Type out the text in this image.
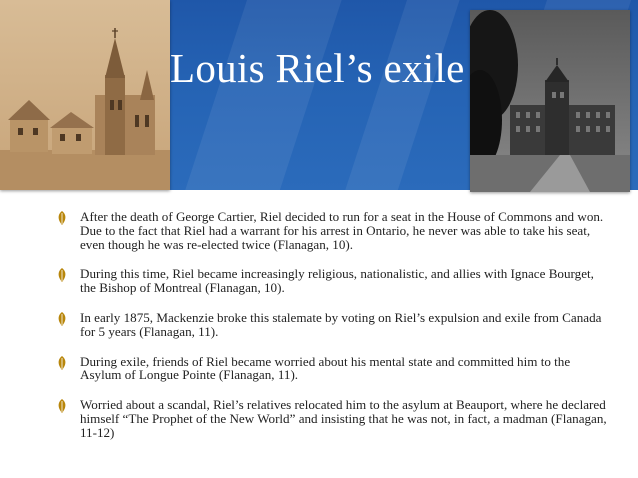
Louis Riel’s exile
After the death of George Cartier, Riel decided to run for a seat in the House of Commons and won. Due to the fact that Riel had a warrant for his arrest in Ontario, he never was able to take his seat, even though he was re-elected twice (Flanagan, 10).
During this time, Riel became increasingly religious, nationalistic, and allies with Ignace Bourget, the Bishop of Montreal (Flanagan, 10).
In early 1875, Mackenzie broke this stalemate by voting on Riel’s expulsion and exile from Canada for 5 years (Flanagan, 11).
During exile, friends of Riel became worried about his mental state and committed him to the Asylum of Longue Pointe (Flanagan, 11).
Worried about a scandal, Riel’s relatives relocated him to the asylum at Beauport, where he declared himself “The Prophet of the New World” and insisting that he was not, in fact, a madman (Flanagan, 11-12)
